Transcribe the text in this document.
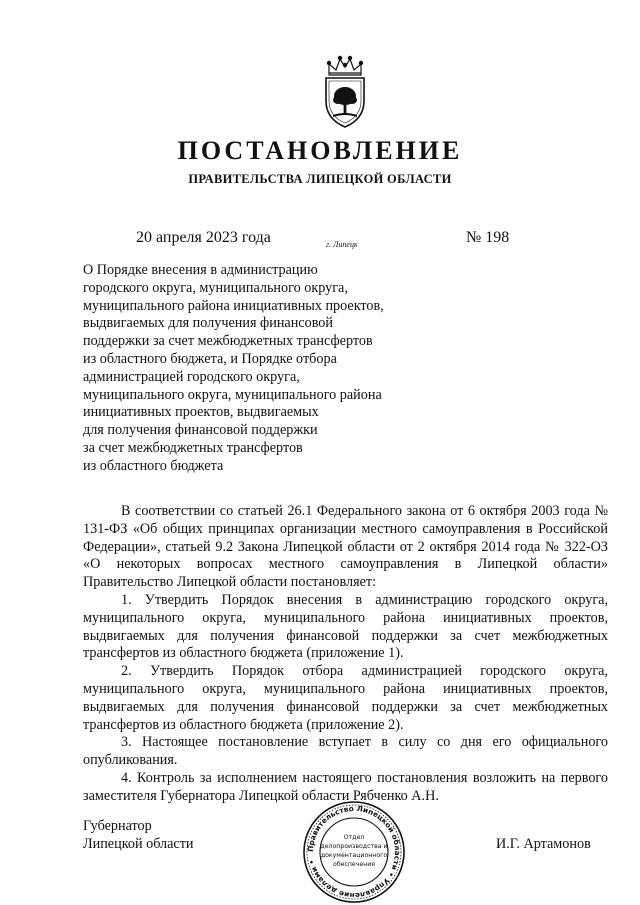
ПОСТАНОВЛЕНИЕ
ПРАВИТЕЛЬСТВА ЛИПЕЦКОЙ ОБЛАСТИ
20 апреля 2023 года	г. Липецк	№ 198
О Порядке внесения в администрацию
городского округа, муниципального округа,
муниципального района инициативных проектов,
выдвигаемых для получения финансовой
поддержки за счет межбюджетных трансфертов
из областного бюджета, и Порядке отбора
администрацией городского округа,
муниципального округа, муниципального района
инициативных проектов, выдвигаемых
для получения финансовой поддержки
за счет межбюджетных трансфертов
из областного бюджета

В соответствии со статьей 26.1 Федерального закона от 6 октября 2003 года № 131-ФЗ «Об общих принципах организации местного самоуправления в Российской Федерации», статьей 9.2 Закона Липецкой области от 2 октября 2014 года № 322-ОЗ «О некоторых вопросах местного самоуправления в Липецкой области» Правительство Липецкой области постановляет:

1. Утвердить Порядок внесения в администрацию городского округа, муниципального округа, муниципального района инициативных проектов, выдвигаемых для получения финансовой поддержки за счет межбюджетных трансфертов из областного бюджета (приложение 1).

2. Утвердить Порядок отбора администрацией городского округа, муниципального округа, муниципального района инициативных проектов, выдвигаемых для получения финансовой поддержки за счет межбюджетных трансфертов из областного бюджета (приложение 2).

3. Настоящее постановление вступает в силу со дня его официального опубликования.

4. Контроль за исполнением настоящего постановления возложить на первого заместителя Губернатора Липецкой области Рябченко А.Н.

Губернатор
Липецкой области	И.Г. Артамонов
Правительство Липецкой области • Управление делами •
Отдел
делопроизводства и
документационного
обеспечения
